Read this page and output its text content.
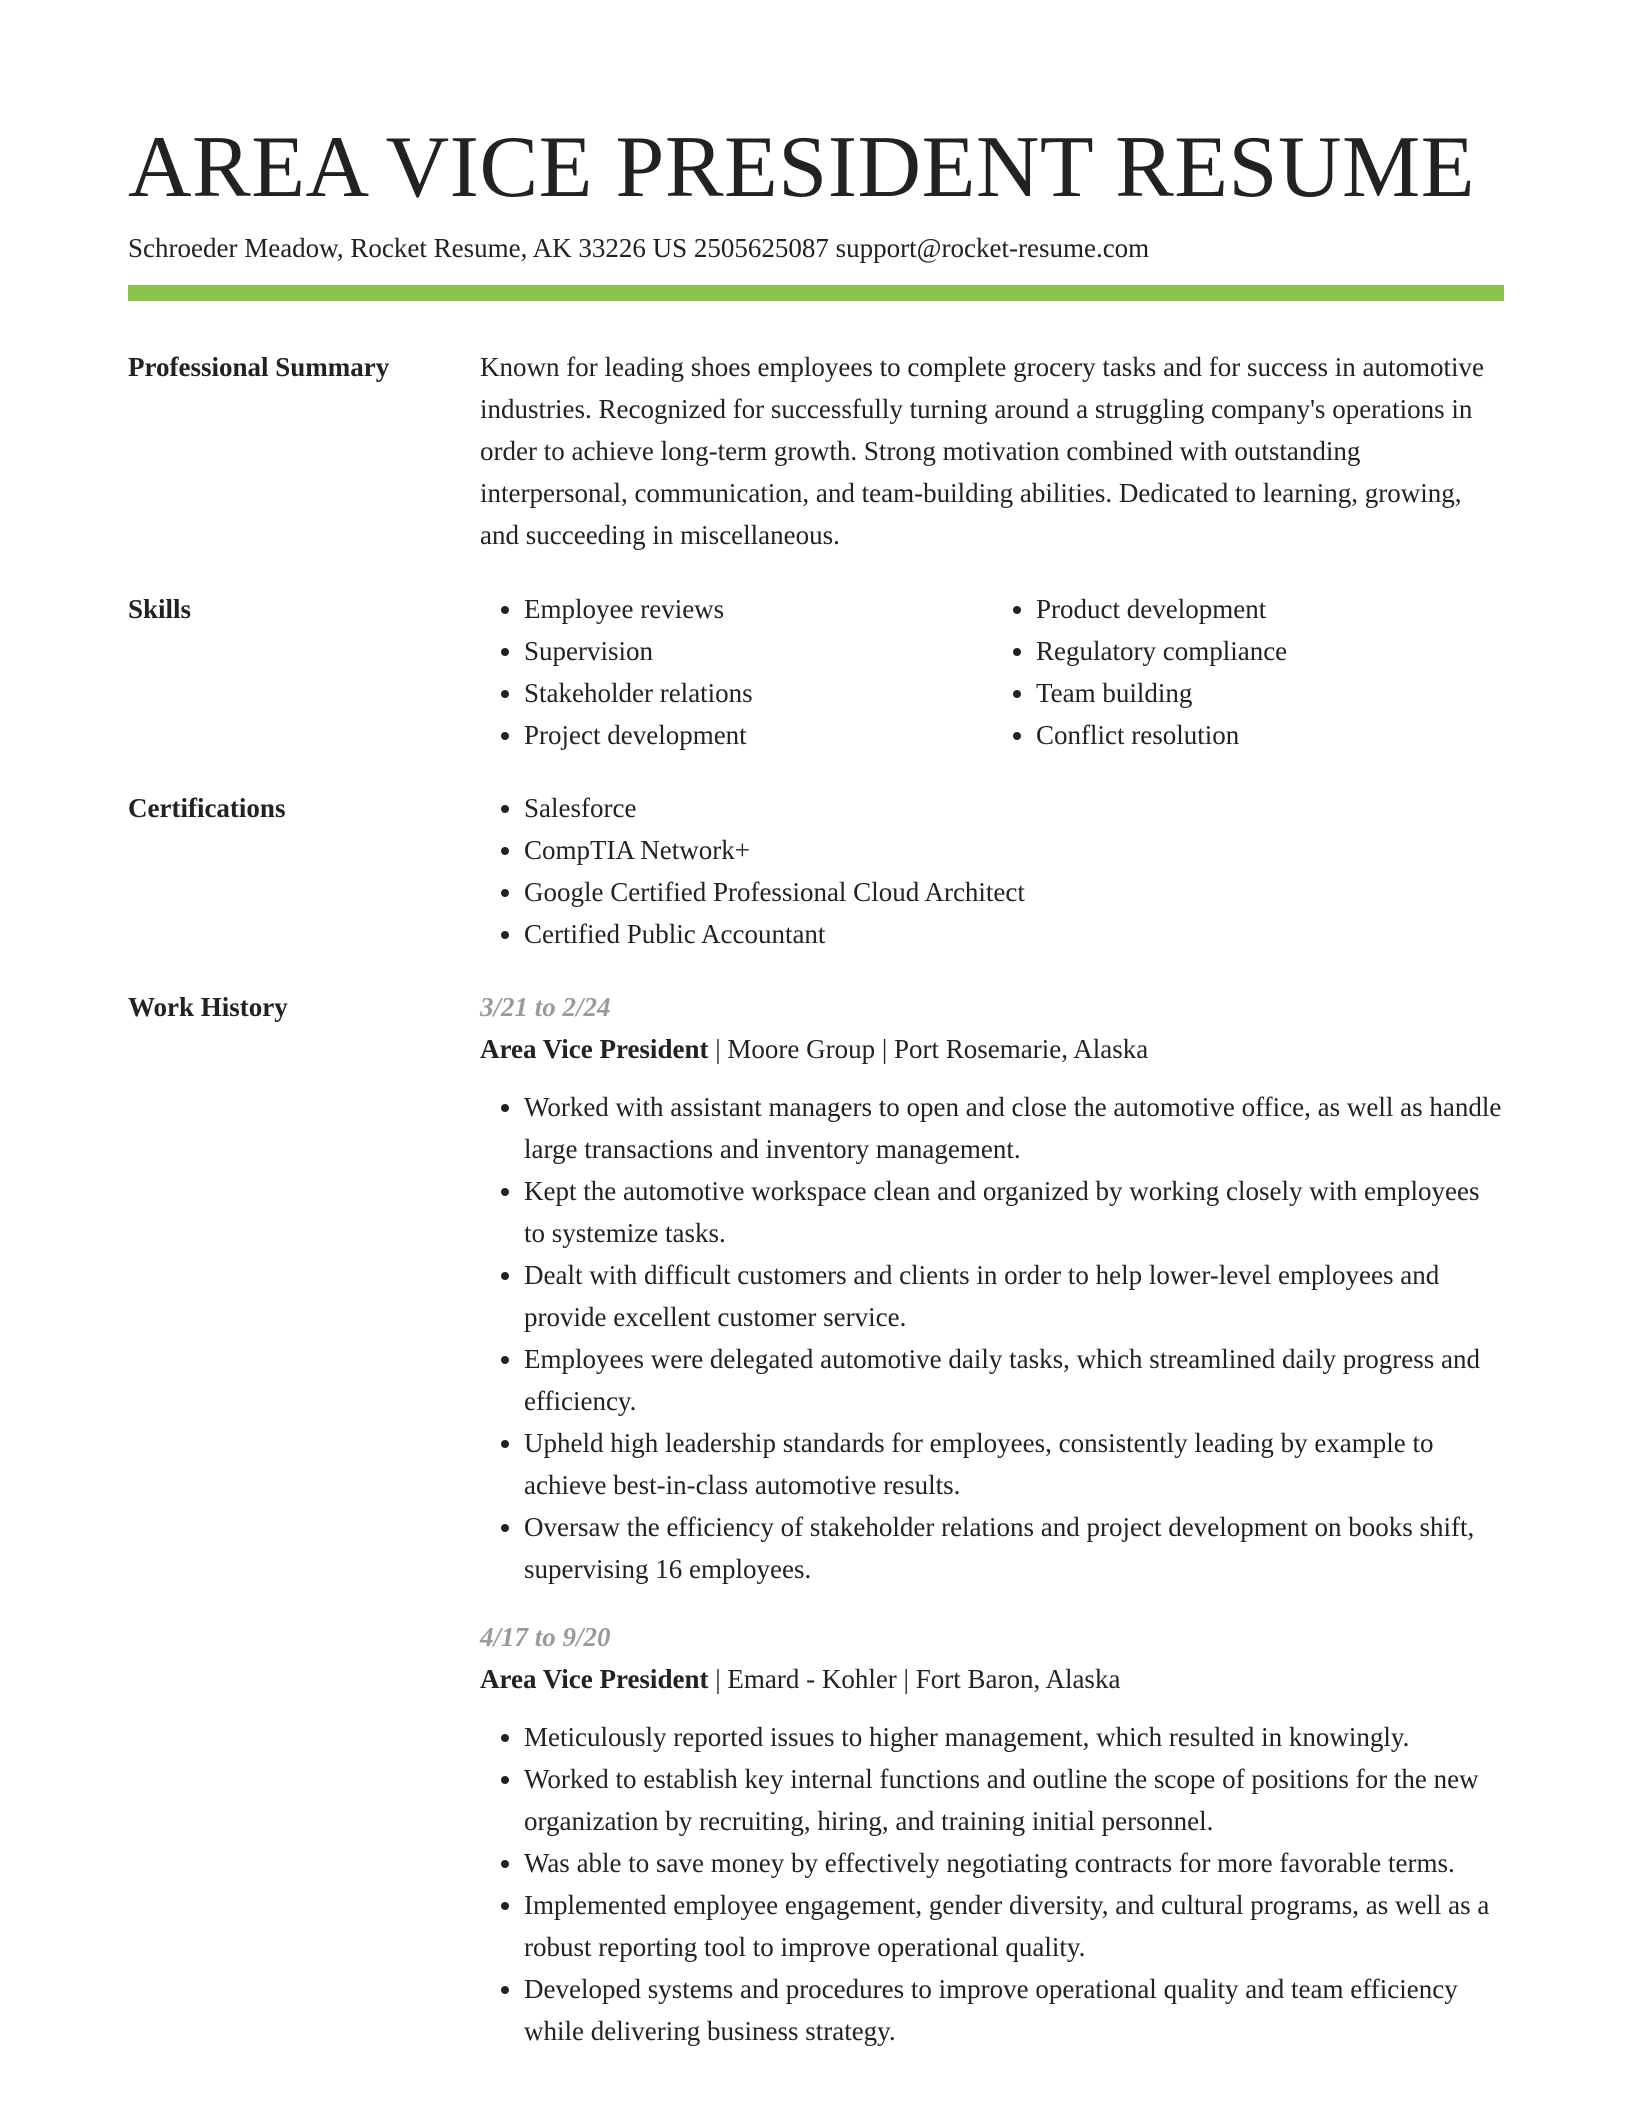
AREA VICE PRESIDENT RESUME
Schroeder Meadow, Rocket Resume, AK 33226 US 2505625087 support@rocket-resume.com
Professional Summary	Known for leading shoes employees to complete grocery tasks and for success in automotive industries. Recognized for successfully turning around a struggling company's operations in order to achieve long-term growth. Strong motivation combined with outstanding interpersonal, communication, and team-building abilities. Dedicated to learning, growing, and succeeding in miscellaneous.

Skills	• Employee reviews
• Supervision
• Stakeholder relations
• Project development
• Product development
• Regulatory compliance
• Team building
• Conflict resolution
Certifications	• Salesforce
• CompTIA Network+
• Google Certified Professional Cloud Architect
• Certified Public Accountant
Work History	3/21 to 2/24
Area Vice President | Moore Group | Port Rosemarie, Alaska
• Worked with assistant managers to open and close the automotive office, as well as handle large transactions and inventory management.
• Kept the automotive workspace clean and organized by working closely with employees to systemize tasks.
• Dealt with difficult customers and clients in order to help lower-level employees and provide excellent customer service.
• Employees were delegated automotive daily tasks, which streamlined daily progress and efficiency.
• Upheld high leadership standards for employees, consistently leading by example to achieve best-in-class automotive results.
• Oversaw the efficiency of stakeholder relations and project development on books shift, supervising 16 employees.
4/17 to 9/20
Area Vice President | Emard - Kohler | Fort Baron, Alaska
• Meticulously reported issues to higher management, which resulted in knowingly.
• Worked to establish key internal functions and outline the scope of positions for the new organization by recruiting, hiring, and training initial personnel.
• Was able to save money by effectively negotiating contracts for more favorable terms.
• Implemented employee engagement, gender diversity, and cultural programs, as well as a robust reporting tool to improve operational quality.
• Developed systems and procedures to improve operational quality and team efficiency while delivering business strategy.
